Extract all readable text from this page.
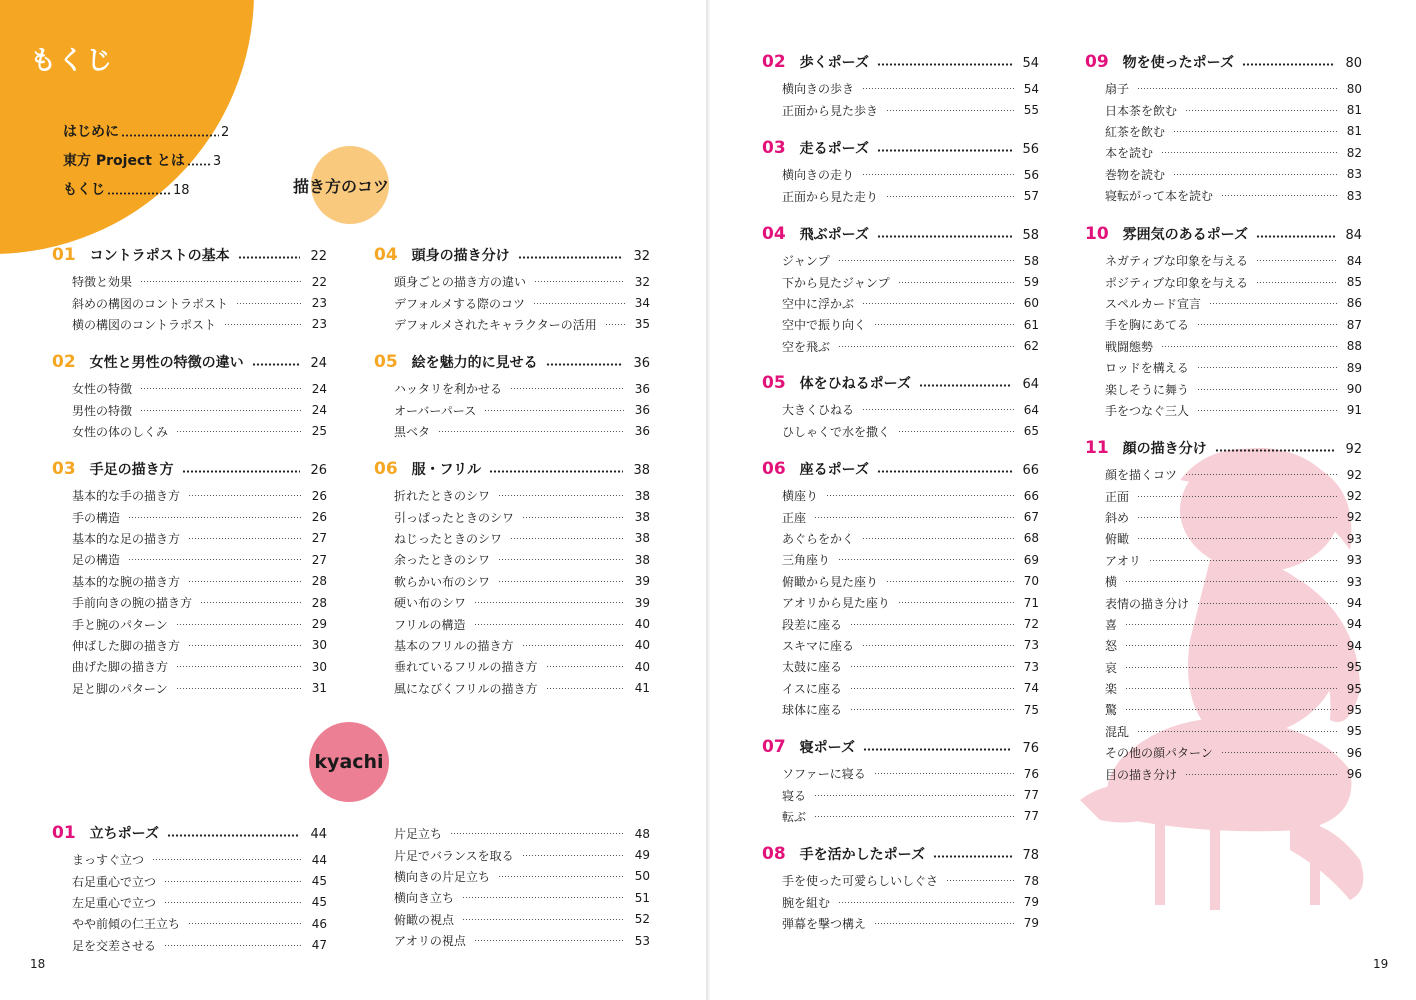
もくじ
はじめに	2
東方 Project とは 3
もくじ	18	描き方のコツ
kyachi
18	19
01 コントラポストの基本	22
特徴と効果	22
斜めの構図のコントラポスト	23
横の構図のコントラポスト	23
02 女性と男性の特徴の違い	24
女性の特徴	24
男性の特徴	24
女性の体のしくみ	25
03 手足の描き方	26
基本的な手の描き方	26
手の構造	26
基本的な足の描き方	27
足の構造	27
基本的な腕の描き方	28
手前向きの腕の描き方	28
手と腕のパターン	29
伸ばした脚の描き方	30
曲げた脚の描き方	30
足と脚のパターン	31
04 頭身の描き分け	32
頭身ごとの描き方の違い	32
デフォルメする際のコツ	34
デフォルメされたキャラクターの活用	35
05 絵を魅力的に見せる	36
ハッタリを利かせる	36
オーバーパース	36
黒ベタ	36
06 服・フリル	38
折れたときのシワ	38
引っぱったときのシワ	38
ねじったときのシワ	38
余ったときのシワ	38
軟らかい布のシワ	39
硬い布のシワ	39
フリルの構造	40
基本のフリルの描き方	40
垂れているフリルの描き方	40
風になびくフリルの描き方	41
01 立ちポーズ	44
まっすぐ立つ	44
右足重心で立つ	45
左足重心で立つ	45
やや前傾の仁王立ち	46
足を交差させる	47
片足立ち	48
片足でバランスを取る	49
横向きの片足立ち	50
横向き立ち	51
俯瞰の視点	52
アオリの視点	53
02 歩くポーズ	54
横向きの歩き	54
正面から見た歩き	55
03 走るポーズ	56
横向きの走り	56
正面から見た走り	57
04 飛ぶポーズ	58
ジャンプ	58
下から見たジャンプ	59
空中に浮かぶ	60
空中で振り向く	61
空を飛ぶ	62
05 体をひねるポーズ	64
大きくひねる	64
ひしゃくで水を撒く	65
06 座るポーズ	66
横座り	66
正座	67
あぐらをかく	68
三角座り	69
俯瞰から見た座り	70
アオリから見た座り	71
段差に座る	72
スキマに座る	73
太鼓に座る	73
イスに座る	74
球体に座る	75
07 寝ポーズ	76
ソファーに寝る	76
寝る	77
転ぶ	77
08 手を活かしたポーズ	78
手を使った可愛らしいしぐさ	78
腕を組む	79
弾幕を撃つ構え	79
09 物を使ったポーズ	80
扇子	80
日本茶を飲む	81
紅茶を飲む	81
本を読む	82
巻物を読む	83
寝転がって本を読む	83
10 雰囲気のあるポーズ	84
ネガティブな印象を与える	84
ポジティブな印象を与える	85
スペルカード宣言	86
手を胸にあてる	87
戦闘態勢	88
ロッドを構える	89
楽しそうに舞う	90
手をつなぐ三人	91
11 顔の描き分け	92
顔を描くコツ	92
正面	92
斜め	92
俯瞰	93
アオリ	93
横	93
表情の描き分け	94
喜	94
怒	94
哀	95
楽	95
驚	95
混乱	95
その他の顔パターン	96
目の描き分け	96
